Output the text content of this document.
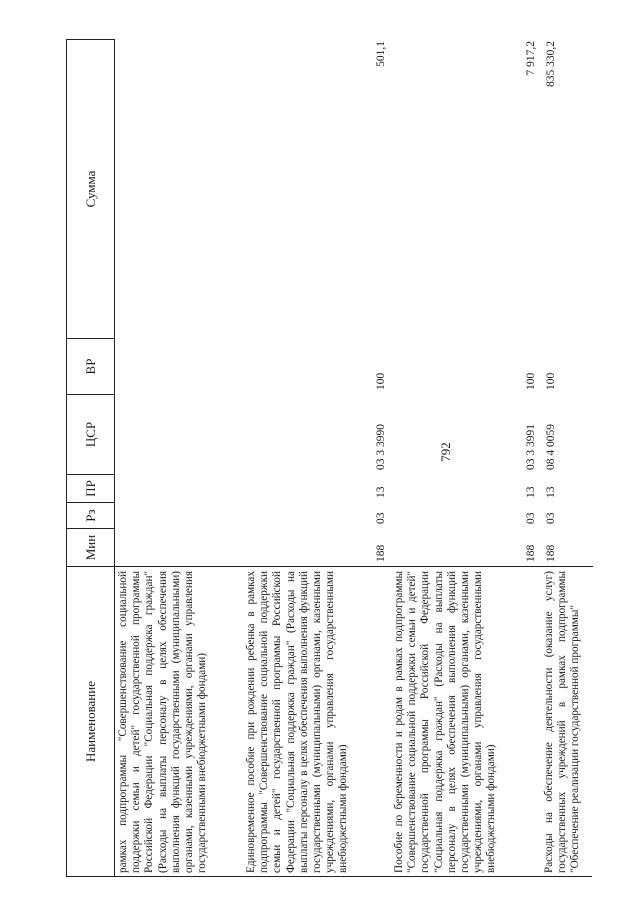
792
Наименование
Мин
Рз
ПР
ЦСР
ВР
Сумма
рамках подпрограммы "Совершенствование социальной поддержки семьи и детей" государственной программы Российской Федерации "Социальная поддержка граждан" (Расходы на выплаты персоналу в целях обеспечения выполнения функций государственными (муниципальными) органами, казенными учреждениями, органами управления государственными внебюджетными фондами)	Единовременное пособие при рождении ребенка в рамках подпрограммы "Совершенствование социальной поддержки семьи и детей" государственной программы Российской Федерации "Социальная поддержка граждан" (Расходы на выплаты персоналу в целях обеспечения выполнения функций государственными (муниципальными) органами, казенными учреждениями, органами управления государственными внебюджетными фондами)
188
03
13
03 3 3990
100
501,1
Пособие по беременности и родам в рамках подпрограммы "Совершенствование социальной поддержки семьи и детей" государственной программы Российской Федерации "Социальная поддержка граждан" (Расходы на выплаты персоналу в целях обеспечения выполнения функций государственными (муниципальными) органами, казенными учреждениями, органами управления государственными внебюджетными фондами)
188
03
13
03 3 3991
100
7 917,2
Расходы на обеспечение деятельности (оказание услуг) государственных учреждений в рамках подпрограммы "Обеспечение реализации государственной программы"
188
03
13
08 4 0059
100
835 330,2
